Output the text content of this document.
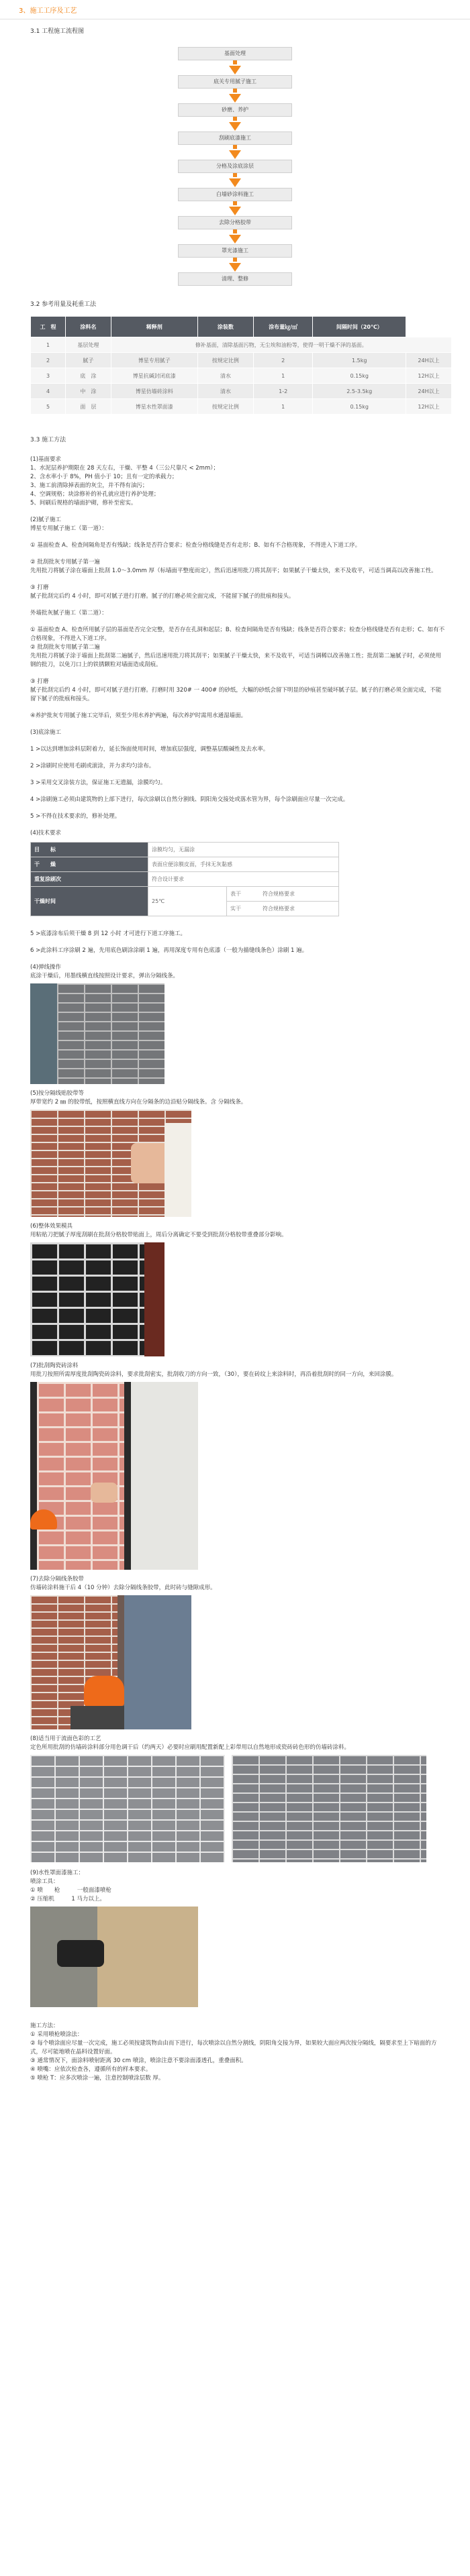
3、施工工序及工艺
3.1 工程施工流程图
基面处理
底关专用腻子施工
砂磨、养护
刮刷底漆施工
分格及涂底涂层
白墙砂涂料施工
去除分格胶带
罩光漆施工
清理、整修
3.2 参考用量及耗重工法
工　程	涂料名	稀释剂	涂装数	涂布量㎏/㎡	间隔时间（20℃）	
1	基层处理	修补基面，清除基面污物，无尘埃和油粉等，使得一明干燥不泽的基面。				
2	腻子	博星专用腻子	按规定比例	2	1.5kg	24H以上
3	底　涂	博星抗碱封闭底漆	清水	1	0.15kg	12H以上
4	中　涂	博星仿墙砖涂料	清水	1-2	2.5-3.5kg	24H以上
5	面　层	博星水性罩面漆	按规定比例	1	0.15kg	12H以上
3.3 施工方法

(1)基面要求

1、水泥层养护期限在 28 天左右，干燥、平整 4（三公尺靠尺 < 2mm）；

2、含水率小于 8%，PH 值小于 10；且有一定的承载力；

3、施工前清除掉表面的灰尘，并不得有油污；

4、空调规格；块涂修补的补孔就应进行养护处理；

5、间刷后规格的墙面护砌，修补至密实。

(2)腻子施工

博星专用腻子施工（第一道）：

① 基面检查 A、检查间隔角是否有残缺；线条是否符合要求；检查分格线缝是否有走形；B、如有不合格现象，不得进入下道工序。

② 批刮批灰专用腻子第一遍

先用批刀将腻子涂在墙面上批刮 1.0～3.0mm 厚（标墙面平整度而定），然后迅速用批刀将其刮平；如果腻子干燥太快，来不及收平，可适当调高以改善施工性。

③ 打磨

腻子批刮完后约 4 小时，即可对腻子进行打磨。腻子的打磨必须全面完成，不能留下腻子的批痕和接头。

外墙批灰腻子施工（第二道）：

① 基面检查 A、检查所用腻子层的基面是否完全完整，是否存在孔洞和起层；B、检查间隔角是否有残缺；线条是否符合要求；检查分格线缝是否有走形；C、如有不合格现象，不得进入下道工序。

② 批刮批灰专用腻子第二遍

先用批刀将腻子涂于墙面上批刮第二遍腻子，然后迅速用批刀将其刮平；如果腻子干燥太快，来不及收平，可适当调稀以改善施工性；批刮第二遍腻子时，必须使用钢的批刀，以免刀口上的铁锈颗粒对墙面造成刮痕。

③ 打磨

腻子批刮完后约 4 小时，即可对腻子进行打磨。打磨时用 320# 一 400# 的砂纸，大幅的砂纸会留下明显的砂痕甚至破坏腻子层。腻子的打磨必须全面完成，不能留下腻子的批痕和接头。

④养护批灰专用腻子施工完毕后，须至少用水养护两遍，每次养护时需用水通湿墙面。

(3)底涂施工

1 >以达到增加涂料层附着力，延长饰面使用时间，增加底层强度，调整基层酸碱性及去水率。

2 >涂刷时应使用毛刷或滚涂，并力求均匀涂布。

3 >采用交叉涂装方法，保证施工无遗漏，涂膜均匀。

4 >涂刷施工必须由建筑物的上部下进行，每次涂刷以自然分割线、阴阳角交接处或落水管为界，每个涂刷面应尽量一次完成。

5 >不得在技术要求的，修补处理。

(4)技术要求

目　　标	涂膜均匀，无漏涂	
干　　燥	表面应便涂膜皮面，手抹无灰黏感	
重复涂刷次	符合设计要求	
干燥时间	25℃	表干　　　　 符合规格要求
		实干　　　　 符合规格要求

5 >底漆涂布后须干燥 8 到 12 小时 才可进行下道工序施工。

6 >此涂料工序涂刷 2 遍，先用底色刷涂涂刷 1 遍，再用深度专用有色底漆（一般为描缝线条色）涂刷 1 遍。

(4)弹线操作

底涂干燥后，用墨线横直线按照设计要求，弹出分隔线条。

(5)按分隔线贴胶带等

厚带宽约 2 ㎜ 的胶带纸，按照横直线方向在分隔条的边沿贴分隔线条。含 分隔线条。

(6)整体效果模具

用粘贴刀把腻子厚度刮刷在批刮分格胶带贴面上，周后分离确定不要受到批刮分格胶带重叠部分影响。

(7)批刮陶瓷砖涂料

用批刀按照所需厚度批刮陶瓷砖涂料，要求批刮密实，批刮收刀的方向一致，（30），要在砖纹上来涂料时，再沿着批刮时的同一方向，来回涂膜。

(7)去除分隔线条胶带

仿墙砖涂料施干后 4（10 分钟）去除分隔线条胶带，此时砖与缝隙成形。

(8)适当用于流面色彩的工艺

定色所用批刮的仿墙砖涂料部分用色调干后（约两天）必要时应刷用配置新配上彩带用以自然地形成瓷砖砖色形的仿墙砖涂料。

(9)水性罩面漆施工：

喷涂工具：

① 喷　　枪　　　一般面漆喷枪

② 压缩机　　　1 马力以上。

施工方法：

① 采用喷枪喷涂法：

② 每个喷涂面应尽量一次完成，施工必须按建筑物由由而下进行，每次喷涂以自然分割线，阴阳角交接为界，如果较大面应两次按分隔线，隔要求至上下暗面的方式，尽可能地喷在晶料设置好面。

③ 通常情况下，面涂料喷射距离 30 cm 喷涂，喷涂注意不要涂面漆透孔，重叠面积。

④ 喷嘴：应依次检查各，遵循所有的样本要求。

⑤ 喷枪 T：应多次喷涂一遍，注意控制喷涂层数 厚。
